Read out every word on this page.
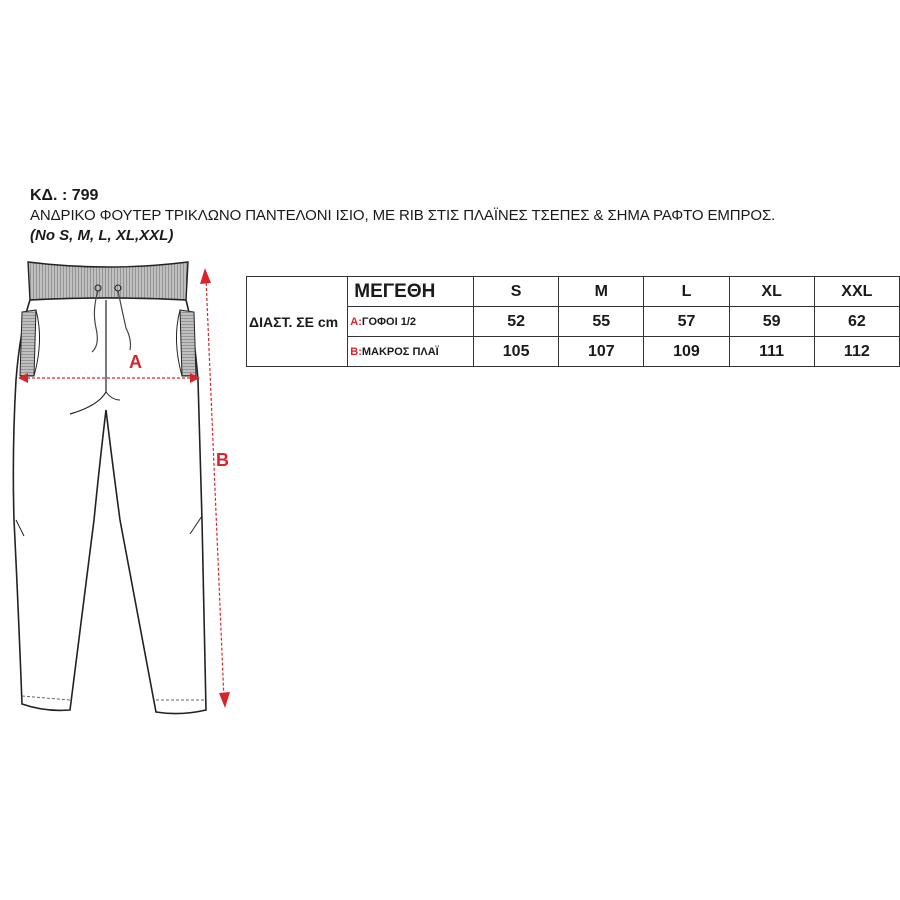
ΚΔ. : 799
ΑΝΔΡΙΚΟ ΦΟΥΤΕΡ ΤΡΙΚΛΩΝΟ ΠΑΝΤΕΛΟΝΙ ΙΣΙΟ, ΜΕ RIB ΣΤΙΣ ΠΛΑΪΝΕΣ ΤΣΕΠΕΣ & ΣΗΜΑ ΡΑΦΤΟ ΕΜΠΡΟΣ.
(Νο S, M, L, XL,XXL)
A
B
ΔΙΑΣΤ. ΣΕ cm	ΜΕΓΕΘΗ	S	M	L	XL	XXL
	A:ΓΟΦΟΙ 1/2	52	55	57	59	62
	B:ΜΑΚΡΟΣ ΠΛΑΪ	105	107	109	111	112
